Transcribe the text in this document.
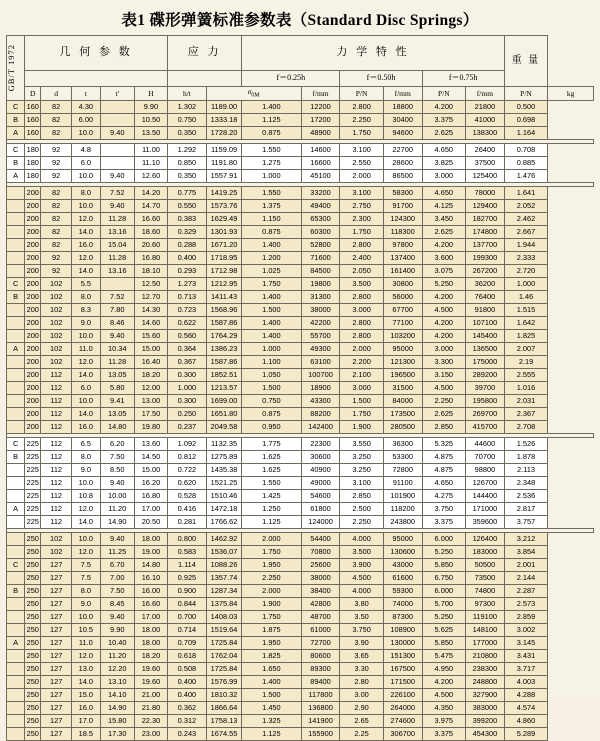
表1 碟形弹簧标准参数表（Standard Disc Springs）
GB/T 1972	几 何 参 数					应 力		力 学 特 性						重 量	
								f＝0.25h		f＝0.50h		f＝0.75h			
	D	d	t	t'	H	h/t	$\sigma_{0M}$		f/mm	P/N	f/mm	P/N	f/mm	P/N	kg
C	160	82	4.30		9.90	1.302	1189.00	1.400	12200	2.800	18800	4.200	21800	0.500	
B	160	82	6.00		10.50	0.750	1333.18	1.125	17200	2.250	30400	3.375	41000	0.698	
A	160	82	10.0	9.40	13.50	0.350	1728.20	0.875	48900	1.750	94600	2.625	138300	1.164	

C	180	92	4.8		11.00	1.292	1159.09	1.550	14600	3.100	22700	4.650	26400	0.708	
B	180	92	6.0		11.10	0.850	1191.80	1.275	16600	2.550	28600	3.825	37500	0.885	
A	180	92	10.0	9.40	12.60	0.350	1557.91	1.000	45100	2.000	86500	3.000	125400	1.476	

	200	82	8.0	7.52	14.20	0.775	1419.25	1.550	33200	3.100	58300	4.650	78000	1.641	
	200	82	10.0	9.40	14.70	0.550	1573.76	1.375	49400	2.750	91700	4.125	129400	2.052	
	200	82	12.0	11.28	16.60	0.383	1629.49	1.150	65300	2.300	124300	3.450	182700	2.462	
	200	82	14.0	13.16	18.60	0.329	1301.93	0.875	60300	1.750	118300	2.625	174800	2.667	
	200	82	16.0	15.04	20.60	0.288	1671.20	1.400	52800	2.800	97800	4.200	137700	1.944	
	200	92	12.0	11.28	16.80	0.400	1718.95	1.200	71600	2.400	137400	3.600	199300	2.333	
	200	92	14.0	13.16	18.10	0.293	1712.98	1.025	84500	2.050	161400	3.075	267200	2.720	
C	200	102	5.5		12.50	1.273	1212.95	1.750	19800	3.500	30800	5.250	36200	1.000	
B	200	102	8.0	7.52	12.70	0.713	1411.43	1.400	31300	2.800	56000	4.200	76400	1.46	
	200	102	8.3	7.80	14.30	0.723	1568.96	1.500	38000	3.000	67700	4.500	91800	1.515	
	200	102	9.0	8.46	14.60	0.622	1587.86	1.400	42200	2.800	77100	4.200	107100	1.642	
	200	102	10.0	9.40	15.60	0.560	1764.29	1.400	55700	2.800	103200	4.200	145400	1.825	
A	200	102	11.0	10.34	15.00	0.364	1386.23	1.000	49300	2.000	95000	3.000	136500	2.007	
	200	102	12.0	11.28	16.40	0.367	1587.86	1.100	63100	2.200	121300	3.300	175000	2.19	
	200	112	14.0	13.05	18.20	0.300	1852.51	1.050	100700	2.100	196500	3.150	289200	2.555	
	200	112	6.0	5.80	12.00	1.000	1213.57	1.500	18900	3.000	31500	4.500	39700	1.016	
	200	112	10.0	9.41	13.00	0.300	1699.00	0.750	43300	1.500	84000	2.250	195800	2.031	
	200	112	14.0	13.05	17.50	0.250	1651.80	0.875	88200	1.750	173500	2.625	269700	2.367	
	200	112	16.0	14.80	19.80	0.237	2049.58	0.950	142400	1.900	280500	2.850	415700	2.708	

C	225	112	6.5	6.20	13.60	1.092	1132.35	1.775	22300	3.550	36300	5.325	44600	1.526	
B	225	112	8.0	7.50	14.50	0.812	1275.89	1.625	30600	3.250	53300	4.875	70700	1.878	
	225	112	9.0	8.50	15.00	0.722	1435.38	1.625	40900	3.250	72800	4.875	98800	2.113	
	225	112	10.0	9.40	16.20	0.620	1521.25	1.550	49000	3.100	91100	4.650	126700	2.348	
	225	112	10.8	10.00	16.80	0.528	1510.46	1.425	54600	2.850	101900	4.275	144400	2.536	
A	225	112	12.0	11.20	17.00	0.416	1472.18	1.250	61800	2.500	118200	3.750	171000	2.817	
	225	112	14.0	14.90	20.50	0.281	1766.62	1.125	124000	2.250	243800	3.375	359600	3.757	

	250	102	10.0	9.40	18.00	0.800	1462.92	2.000	54400	4.000	95000	6.000	126400	3.212	
	250	102	12.0	11.25	19.00	0.583	1536.07	1.750	70800	3.500	130600	5.250	183000	3.854	
C	250	127	7.5	6.70	14.80	1.114	1088.26	1.950	25600	3.900	43000	5.850	50500	2.001	
	250	127	7.5	7.00	16.10	0.925	1357.74	2.250	38000	4.500	61600	6.750	73500	2.144	
B	250	127	8.0	7.50	16.00	0.900	1287.34	2.000	38400	4.000	59300	6.000	74800	2.287	
	250	127	9.0	8.45	16.60	0.844	1375.84	1.900	42800	3.80	74000	5.700	97300	2.573	
	250	127	10.0	9.40	17.00	0.700	1408.03	1.750	48700	3.50	87300	5.250	119100	2.859	
	250	127	10.5	9.90	18.00	0.714	1519.64	1.875	61000	3.750	108900	5.625	148100	3.002	
A	250	127	11.0	10.40	18.00	0.709	1725.84	1.950	72700	3.90	130000	5.850	177000	3.145	
	250	127	12.0	11.20	18.20	0.618	1762.04	1.825	80600	3.65	151300	5.475	210800	3.431	
	250	127	13.0	12.20	19.60	0.508	1725.84	1.650	89300	3.30	167500	4.950	238300	3.717	
	250	127	14.0	13.10	19.60	0.400	1576.99	1.400	89400	2.80	171500	4.200	248800	4.003	
	250	127	15.0	14.10	21.00	0.400	1810.32	1.500	117800	3.00	226100	4.500	327900	4.288	
	250	127	16.0	14.90	21.80	0.362	1866.64	1.450	136800	2.90	264000	4.350	383000	4.574	
	250	127	17.0	15.80	22.30	0.312	1758.13	1.325	141900	2.65	274600	3.975	399200	4.860	
	250	127	18.5	17.30	23.00	0.243	1674.55	1.125	155900	2.25	306700	3.375	454300	5.289	
